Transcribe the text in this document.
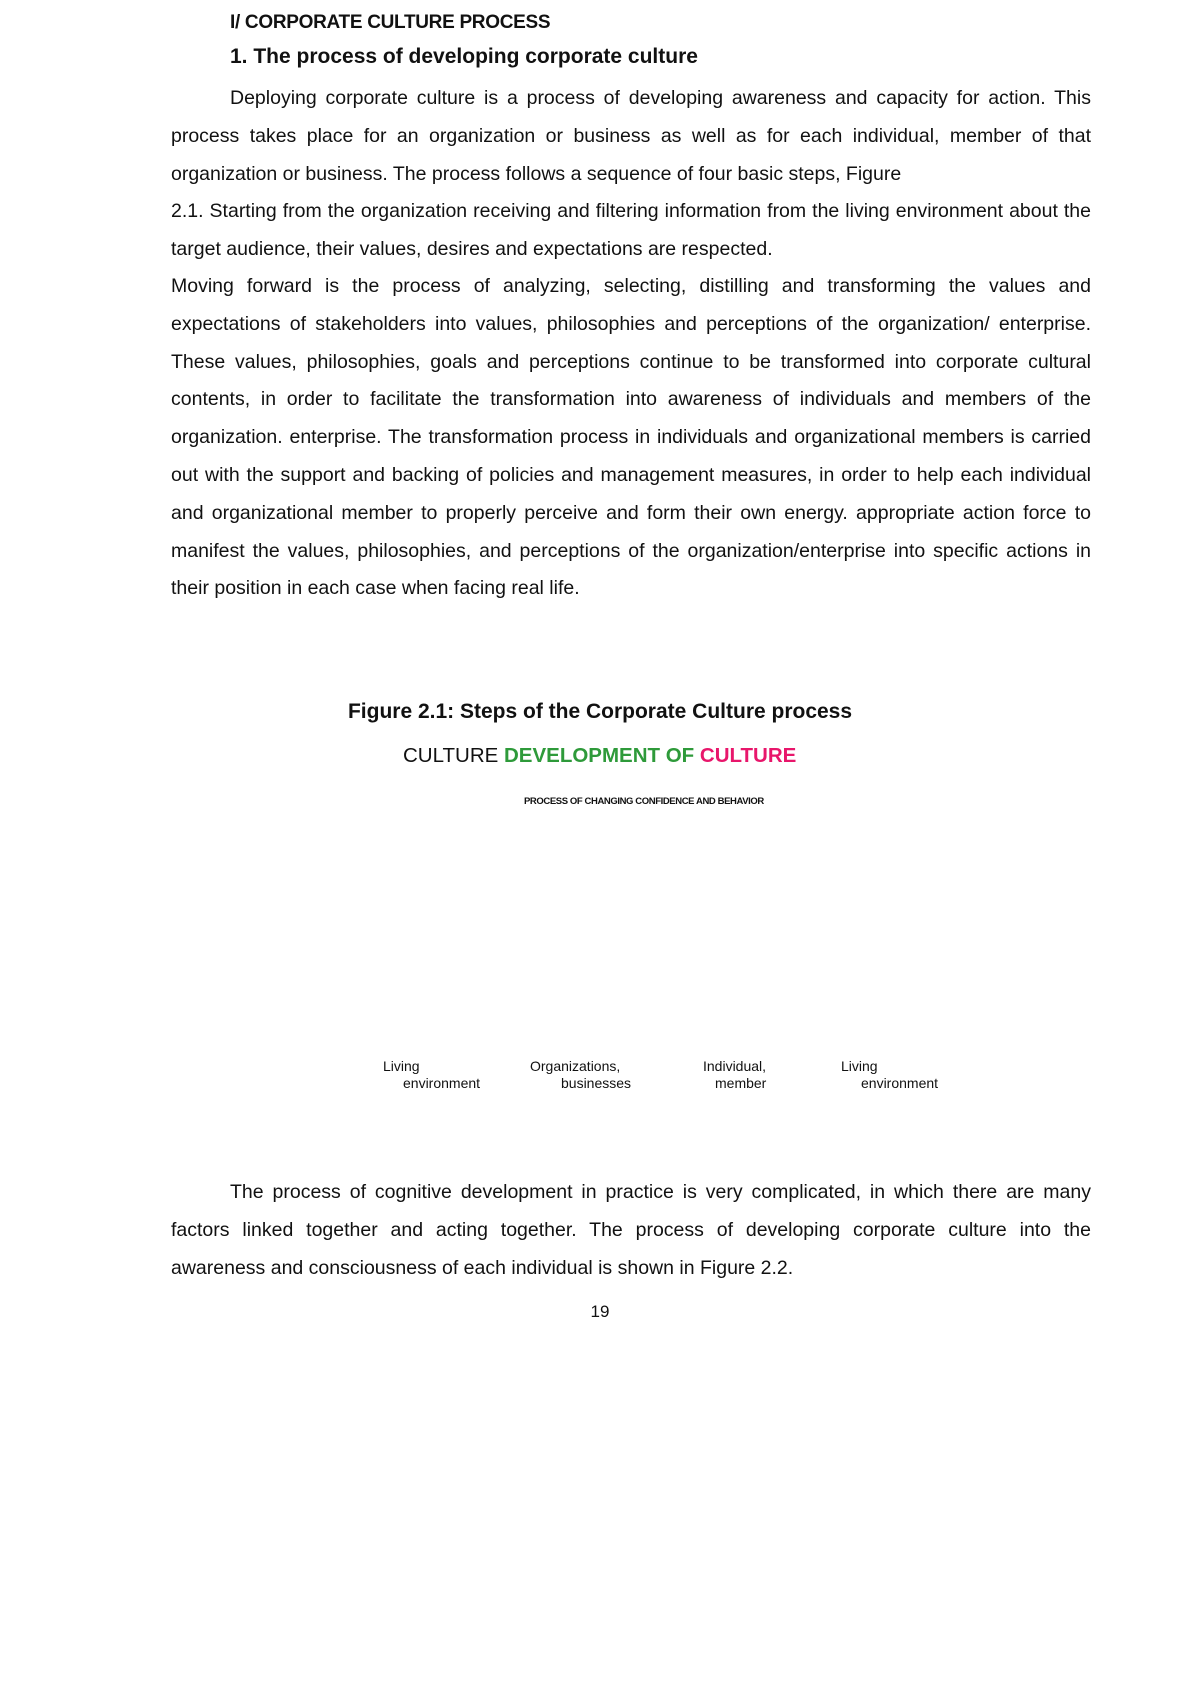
I/ CORPORATE CULTURE PROCESS
1. The process of developing corporate culture

Deploying corporate culture is a process of developing awareness and capacity for action. This process takes place for an organization or business as well as for each individual, member of that organization or business. The process follows a sequence of four basic steps, Figure

2.1. Starting from the organization receiving and filtering information from the living environment about the target audience, their values, desires and expectations are respected.

Moving forward is the process of analyzing, selecting, distilling and transforming the values and expectations of stakeholders into values, philosophies and perceptions of the organization/ enterprise. These values, philosophies, goals and perceptions continue to be transformed into corporate cultural contents, in order to facilitate the transformation into awareness of individuals and members of the organization. enterprise. The transformation process in individuals and organizational members is carried out with the support and backing of policies and management measures, in order to help each individual and organizational member to properly perceive and form their own energy. appropriate action force to manifest the values, philosophies, and perceptions of the organization/enterprise into specific actions in their position in each case when facing real life.

Figure 2.1: Steps of the Corporate Culture process
CULTURE DEVELOPMENT OF CULTURE
PROCESS OF CHANGING CONFIDENCE AND BEHAVIOR
Living
environment
Organizations,
businesses
Individual,
member
Living
environment

The process of cognitive development in practice is very complicated, in which there are many factors linked together and acting together. The process of developing corporate culture into the awareness and consciousness of each individual is shown in Figure 2.2.

19
